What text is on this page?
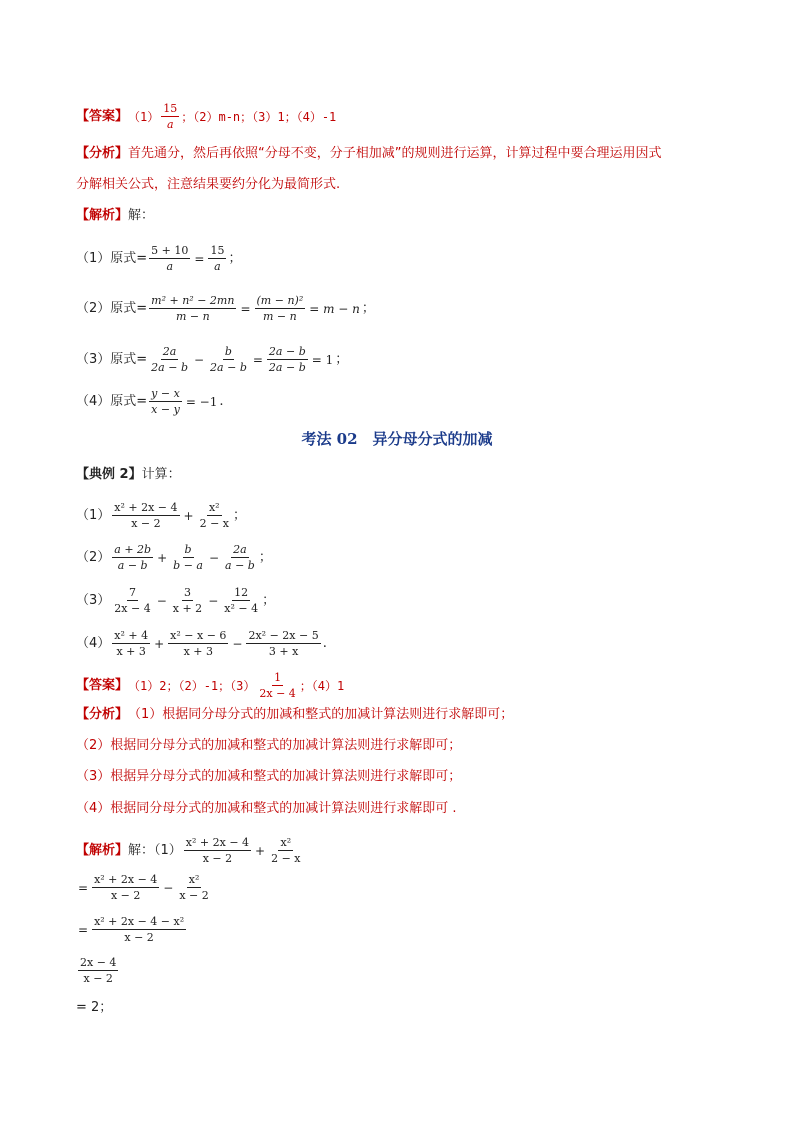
【答案】 $(1) \frac{15}{a}$ ；（2）m-n；（3）1；（4）-1
【分析】 首先通分，然后再依照“分母不变，分子相加减”的规则进行运算，计算过程中要合理运用因式
分解相关公式，注意结果要约分化为最简形式.
【解析】 解：
（1）原式= $\frac{5 + 10}{a} = \frac{15}{a}$ ；
（2）原式= $\frac{\text{m² + n² − 2mn}}{m - n} = \frac{\text{(m − n)²}}{m - n} = m - n$ ；
（3）原式= $\frac{2a}{2a - b} - \frac{b}{2a - b} = \frac{2a - b}{2a - b} = 1$ ；
（4）原式= $\frac{y - x}{x - y} = -1$ .
考法 02　异分母分式的加减
【典例 2】 计算：
$(1) \frac{\text{x² + 2x − 4}}{x - 2} + \frac{\text{x²}}{2 - x}$ ；
$(2) \frac{a + 2b}{a - b} + \frac{b}{b - a} - \frac{2a}{a - b}$ ；
$(3) \frac{7}{2x - 4} - \frac{3}{x + 2} - \frac{12}{\text{x² − 4}}$ ；
$(4) \frac{\text{x² + 4}}{x + 3} + \frac{\text{x² − x − 6}}{x + 3} - \frac{\text{2x² − 2x − 5}}{3 + x}$ .
【答案】 （1）2；（2）-1；$(3) \frac{1}{2x - 4}$ ；（4）1
【分析】 （1）根据同分母分式的加减和整式的加减计算法则进行求解即可；
（2）根据同分母分式的加减和整式的加减计算法则进行求解即可；
（3）根据异分母分式的加减和整式的加减计算法则进行求解即可；
（4）根据同分母分式的加减和整式的加减计算法则进行求解即可 .
【解析】 解：$(1) \frac{\text{x² + 2x − 4}}{x - 2} + \frac{\text{x²}}{2 - x}$
= $\frac{\text{x² + 2x − 4}}{x - 2} - \frac{\text{x²}}{x - 2}$
= $\frac{\text{x² + 2x − 4 − x²}}{x - 2}$
$\frac{2x - 4}{x - 2}$
= 2；
